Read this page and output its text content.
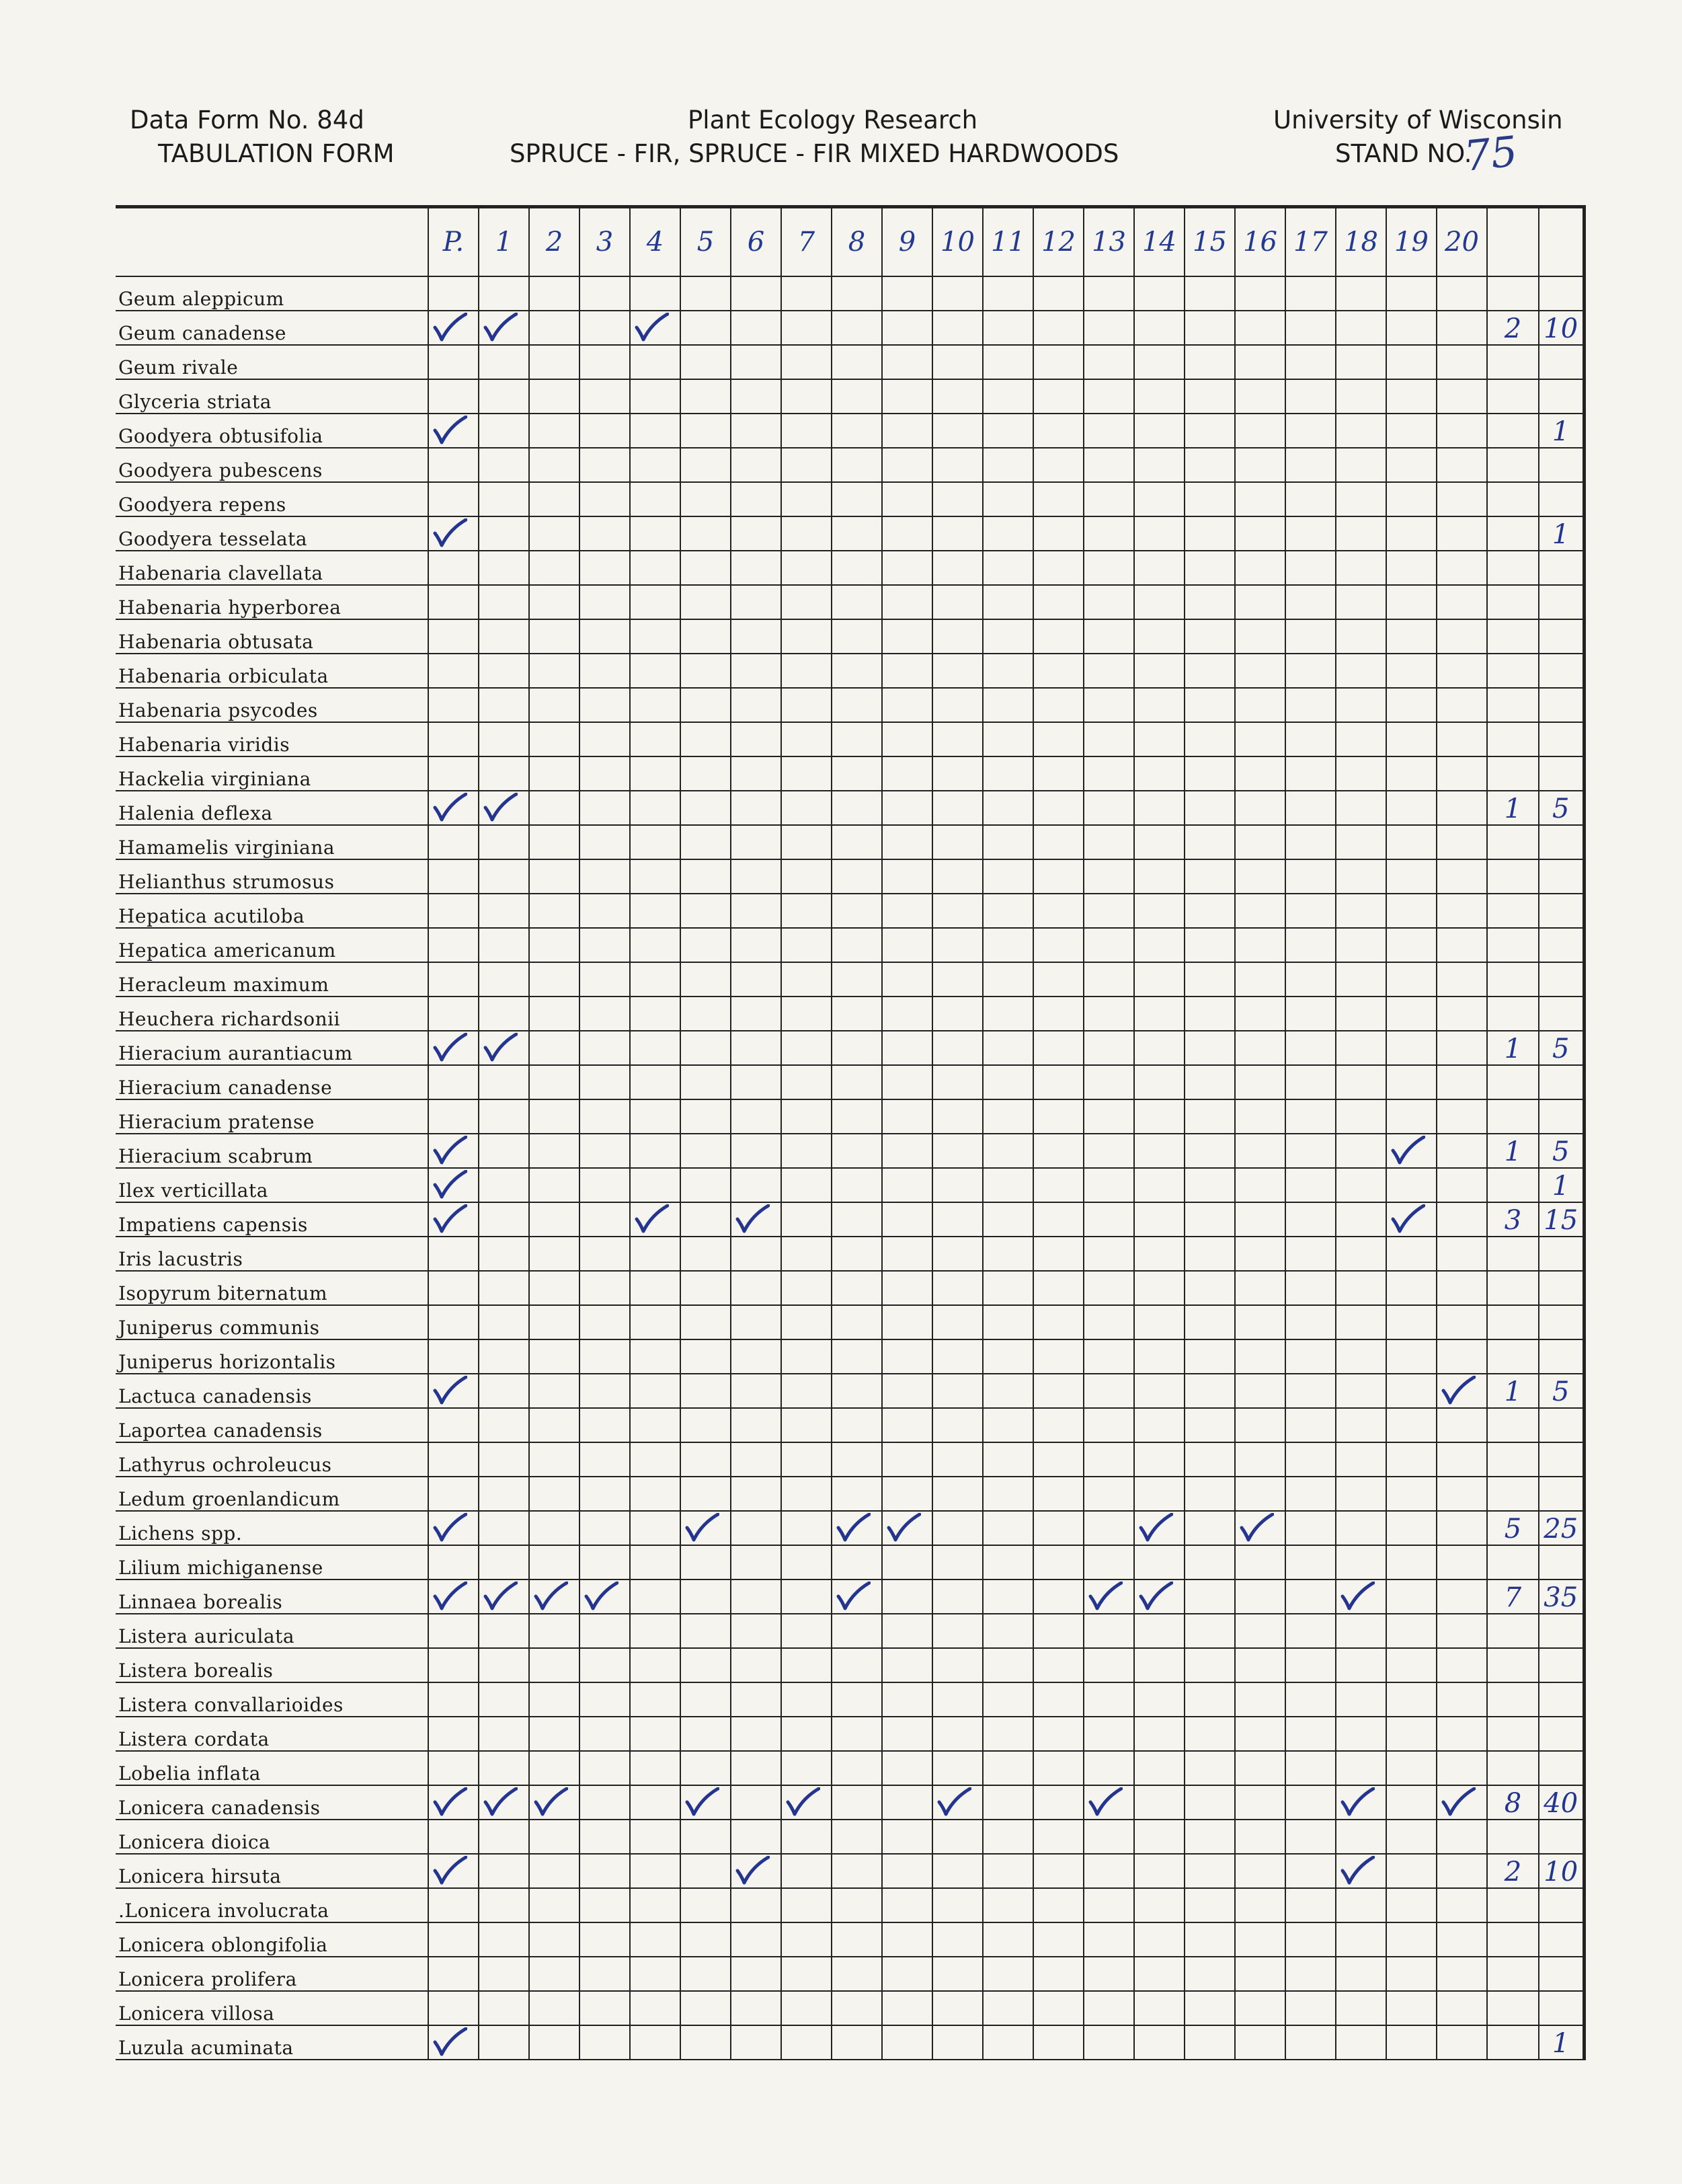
Data Form No. 84d
TABULATION FORM
Plant Ecology Research
SPRUCE - FIR, SPRUCE - FIR MIXED HARDWOODS
University of Wisconsin
STAND NO.
75
	P.	1	2	3	4	5	6	7	8	9	10	11	12	13	14	15	16	17	18	19	20		
Geum aleppicum																							
Geum canadense																						2	10
Geum rivale																							
Glyceria striata																							
Goodyera obtusifolia																							1
Goodyera pubescens																							
Goodyera repens																							
Goodyera tesselata																							1
Habenaria clavellata																							
Habenaria hyperborea																							
Habenaria obtusata																							
Habenaria orbiculata																							
Habenaria psycodes																							
Habenaria viridis																							
Hackelia virginiana																							
Halenia deflexa																						1	5
Hamamelis virginiana																							
Helianthus strumosus																							
Hepatica acutiloba																							
Hepatica americanum																							
Heracleum maximum																							
Heuchera richardsonii																							
Hieracium aurantiacum																						1	5
Hieracium canadense																							
Hieracium pratense																							
Hieracium scabrum																						1	5
Ilex verticillata																							1
Impatiens capensis																						3	15
Iris lacustris																							
Isopyrum biternatum																							
Juniperus communis																							
Juniperus horizontalis																							
Lactuca canadensis																						1	5
Laportea canadensis																							
Lathyrus ochroleucus																							
Ledum groenlandicum																							
Lichens spp.																						5	25
Lilium michiganense																							
Linnaea borealis																						7	35
Listera auriculata																							
Listera borealis																							
Listera convallarioides																							
Listera cordata																							
Lobelia inflata																							
Lonicera canadensis																						8	40
Lonicera dioica																							
Lonicera hirsuta																						2	10
.Lonicera involucrata																							
Lonicera oblongifolia																							
Lonicera prolifera																							
Lonicera villosa																							
Luzula acuminata																							1
